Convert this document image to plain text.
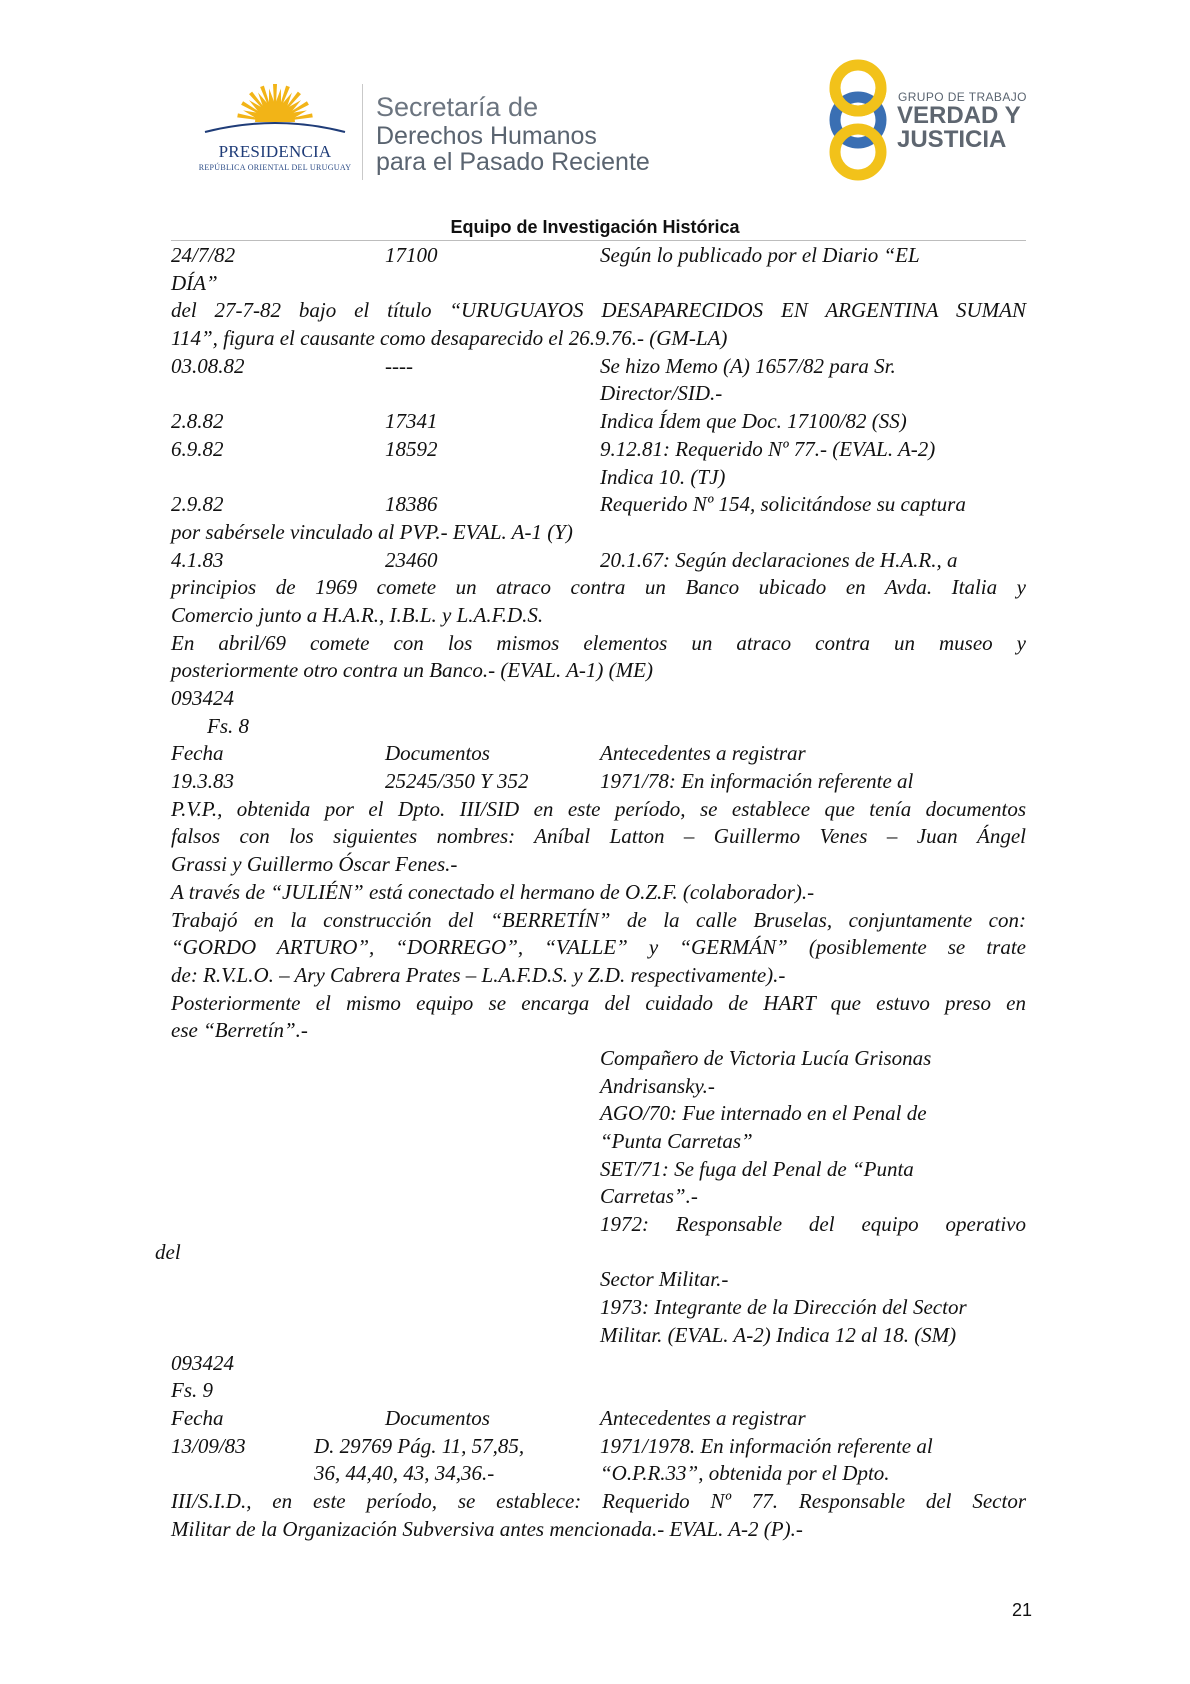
PRESIDENCIA
REPÚBLICA ORIENTAL DEL URUGUAY
Secretaría de
Derechos Humanos
para el Pasado Reciente
GRUPO DE TRABAJO
VERDAD Y
JUSTICIA
Equipo de Investigación Histórica
24/7/82	17100	Según lo publicado por el Diario “EL
DÍA”
del 27-7-82 bajo el título “URUGUAYOS DESAPARECIDOS EN ARGENTINA SUMAN
114”, figura el causante como desaparecido el 26.9.76.- (GM-LA)
03.08.82	----	Se hizo Memo (A) 1657/82 para Sr.
Director/SID.-
2.8.82	17341	Indica Ídem que Doc. 17100/82 (SS)
6.9.82	18592	9.12.81: Requerido Nº 77.- (EVAL. A-2)
Indica 10. (TJ)
2.9.82	18386	Requerido Nº 154, solicitándose su captura
por sabérsele vinculado al PVP.- EVAL. A-1 (Y)
4.1.83	23460	20.1.67: Según declaraciones de H.A.R., a
principios de 1969 comete un atraco contra un Banco ubicado en Avda. Italia y
Comercio junto a H.A.R., I.B.L. y L.A.F.D.S.
En abril/69 comete con los mismos elementos un atraco contra un museo y
posteriormente otro contra un Banco.- (EVAL. A-1) (ME)
093424
Fs. 8
Fecha	Documentos	Antecedentes a registrar
19.3.83	25245/350 Y 352	1971/78: En información referente al
P.V.P., obtenida por el Dpto. III/SID en este período, se establece que tenía documentos
falsos con los siguientes nombres: Aníbal Latton – Guillermo Venes – Juan Ángel
Grassi y Guillermo Óscar Fenes.-
A través de “JULIÉN” está conectado el hermano de O.Z.F. (colaborador).-
Trabajó en la construcción del “BERRETÍN” de la calle Bruselas, conjuntamente con:
“GORDO ARTURO”, “DORREGO”, “VALLE” y “GERMÁN” (posiblemente se trate
de: R.V.L.O. – Ary Cabrera Prates – L.A.F.D.S. y Z.D. respectivamente).-
Posteriormente el mismo equipo se encarga del cuidado de HART que estuvo preso en
ese “Berretín”.-
Compañero de Victoria Lucía Grisonas
Andrisansky.-
AGO/70: Fue internado en el Penal de
“Punta Carretas”
SET/71: Se fuga del Penal de “Punta
Carretas”.-
1972: Responsable del equipo operativo
del
Sector Militar.-
1973: Integrante de la Dirección del Sector
Militar. (EVAL. A-2) Indica 12 al 18. (SM)
093424
Fs. 9
Fecha	Documentos	Antecedentes a registrar
13/09/83	D. 29769 Pág. 11, 57,85,	1971/1978. En información referente al
36, 44,40, 43, 34,36.-	“O.P.R.33”, obtenida por el Dpto.
III/S.I.D., en este período, se establece: Requerido Nº 77. Responsable del Sector
Militar de la Organización Subversiva antes mencionada.- EVAL. A-2 (P).-
21
